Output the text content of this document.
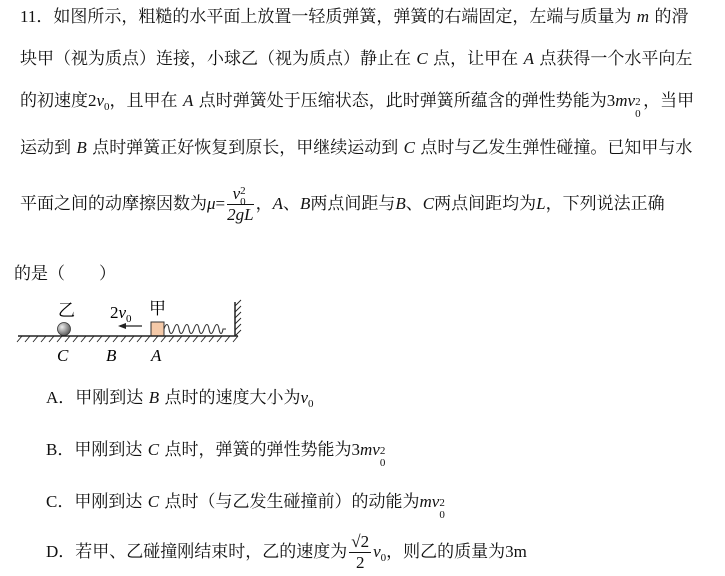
11．如图所示，粗糙的水平面上放置一轻质弹簧，弹簧的右端固定，左端与质量为 m 的滑
块甲（视为质点）连接，小球乙（视为质点）静止在 C 点，让甲在 A 点获得一个水平向左
的初速度$2v_0$，且甲在 A 点时弹簧处于压缩状态，此时弹簧所蕴含的弹性势能为3mv 2
0
，当甲
运动到 B 点时弹簧正好恢复到原长，甲继续运动到 C 点时与乙发生弹性碰撞。已知甲与水
平面之间的动摩擦因数为μ= v 2
0
2gL ，A、B两点间距与B、C两点间距均为L，下列说法正确
的是（　　）
乙 $2v_0$
甲
C B A
A．甲刚到达 B 点时的速度大小为$v_0$
B．甲刚到达 C 点时，弹簧的弹性势能为3mv 2
0
C．甲刚到达 C 点时（与乙发生碰撞前）的动能为mv 2
0
D．若甲、乙碰撞刚结束时，乙的速度为 $\frac{√2}{2} v_0$，则乙的质量为3m
